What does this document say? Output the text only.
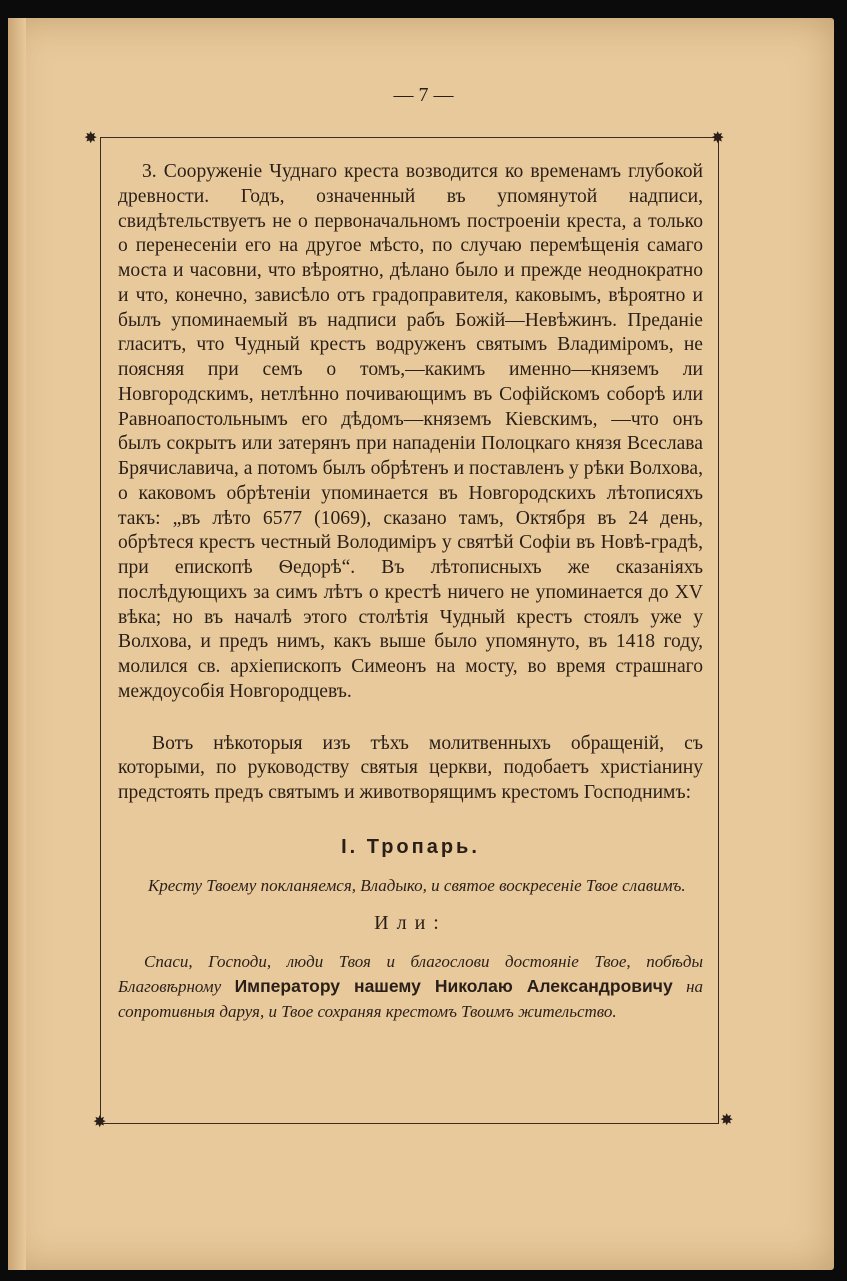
— 7 —
✸	✸
✸	✸

3. Сооруженіе Чуднаго креста возводится ко временамъ глубокой древности. Годъ, означенный въ упомянутой надписи, свидѣтельствуетъ не о первоначальномъ построеніи креста, а только о перенесеніи его на другое мѣсто, по случаю перемѣщенія самаго моста и часовни, что вѣроятно, дѣлано было и прежде неоднократно и что, конечно, зависѣло отъ градоправителя, каковымъ, вѣроятно и былъ упоминаемый въ надписи рабъ Божій—Невѣжинъ. Преданіе гласитъ, что Чудный крестъ водруженъ святымъ Владиміромъ, не поясняя при семъ о томъ,—какимъ именно—княземъ ли Новгородскимъ, нетлѣнно почивающимъ въ Софійскомъ соборѣ или Равноапостольнымъ его дѣдомъ—княземъ Кіевскимъ, —что онъ былъ сокрытъ или затерянъ при нападеніи Полоцкаго князя Всеслава Брячиславича, а потомъ былъ обрѣтенъ и поставленъ у рѣки Волхова, о каковомъ обрѣтеніи упоминается въ Новгородскихъ лѣтописяхъ такъ: „въ лѣто 6577 (1069), сказано тамъ, Октября въ 24 день, обрѣтеся крестъ честный Володиміръ у святѣй Софіи въ Новѣ-градѣ, при епископѣ Ѳедорѣ“. Въ лѣтописныхъ же сказаніяхъ послѣдующихъ за симъ лѣтъ о крестѣ ничего не упоминается до XV вѣка; но въ началѣ этого столѣтія Чудный крестъ стоялъ уже у Волхова, и предъ нимъ, какъ выше было упомянуто, въ 1418 году, молился св. архіепископъ Симеонъ на мосту, во время страшнаго междоусобія Новгородцевъ.

Вотъ нѣкоторыя изъ тѣхъ молитвенныхъ обращеній, съ которыми, по руководству святыя церкви, подобаетъ христіанину предстоять предъ святымъ и животворящимъ крестомъ Господнимъ:

I. Тропарь.

Кресту Твоему покланяемся, Владыко, и святое воскресеніе Твое славимъ.

Или:

Спаси, Господи, люди Твоя и благослови достояніе Твое, побѣды Благовѣрному Императору нашему Николаю Александровичу на сопротивныя даруя, и Твое сохраняя крестомъ Твоимъ жительство.
